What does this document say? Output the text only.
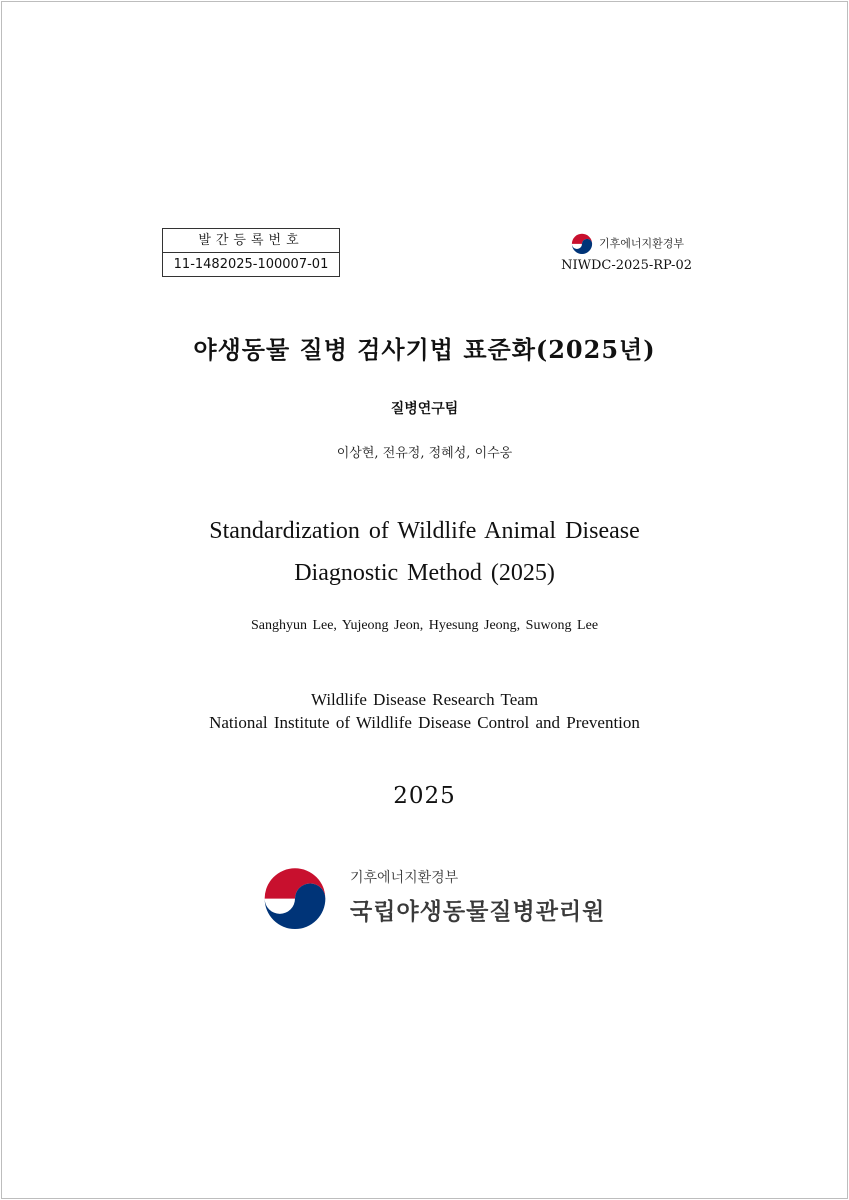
발간등록번호
11-1482025-100007-01
기후에너지환경부
NIWDC-2025-RP-02
야생동물 질병 검사기법 표준화(2025년)
질병연구팀
이상현, 전유정, 정혜성, 이수웅
Standardization of Wildlife Animal Disease
Diagnostic Method (2025)
Sanghyun Lee, Yujeong Jeon, Hyesung Jeong, Suwong Lee
Wildlife Disease Research Team
National Institute of Wildlife Disease Control and Prevention
2025
기후에너지환경부
국립야생동물질병관리원
